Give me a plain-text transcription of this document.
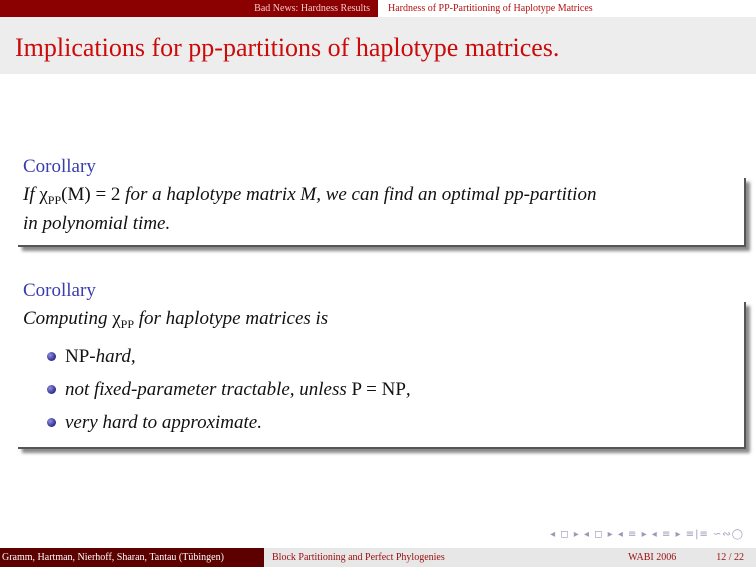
Bad News: Hardness Results	Hardness of PP-Partitioning of Haplotype Matrices
Implications for pp-partitions of haplotype matrices.
Corollary
If $\chi_{PP}(M) = 2$ for a haplotype matrix M, we can find an optimal pp-partition
in polynomial time.
Corollary
Computing $\chi_{PP}$ for haplotype matrices is
NP-hard,
not fixed-parameter tractable, unless P = NP,
very hard to approximate.
◂ ◻ ▸ ◂ ◻ ▸ ◂ ≡ ▸ ◂ ≡ ▸ ≡|≡ ∽∾◯
Gramm, Hartman, Nierhoff, Sharan, Tantau (Tübingen)	Block Partitioning and Perfect Phylogenies	WABI 2006	12 / 22
